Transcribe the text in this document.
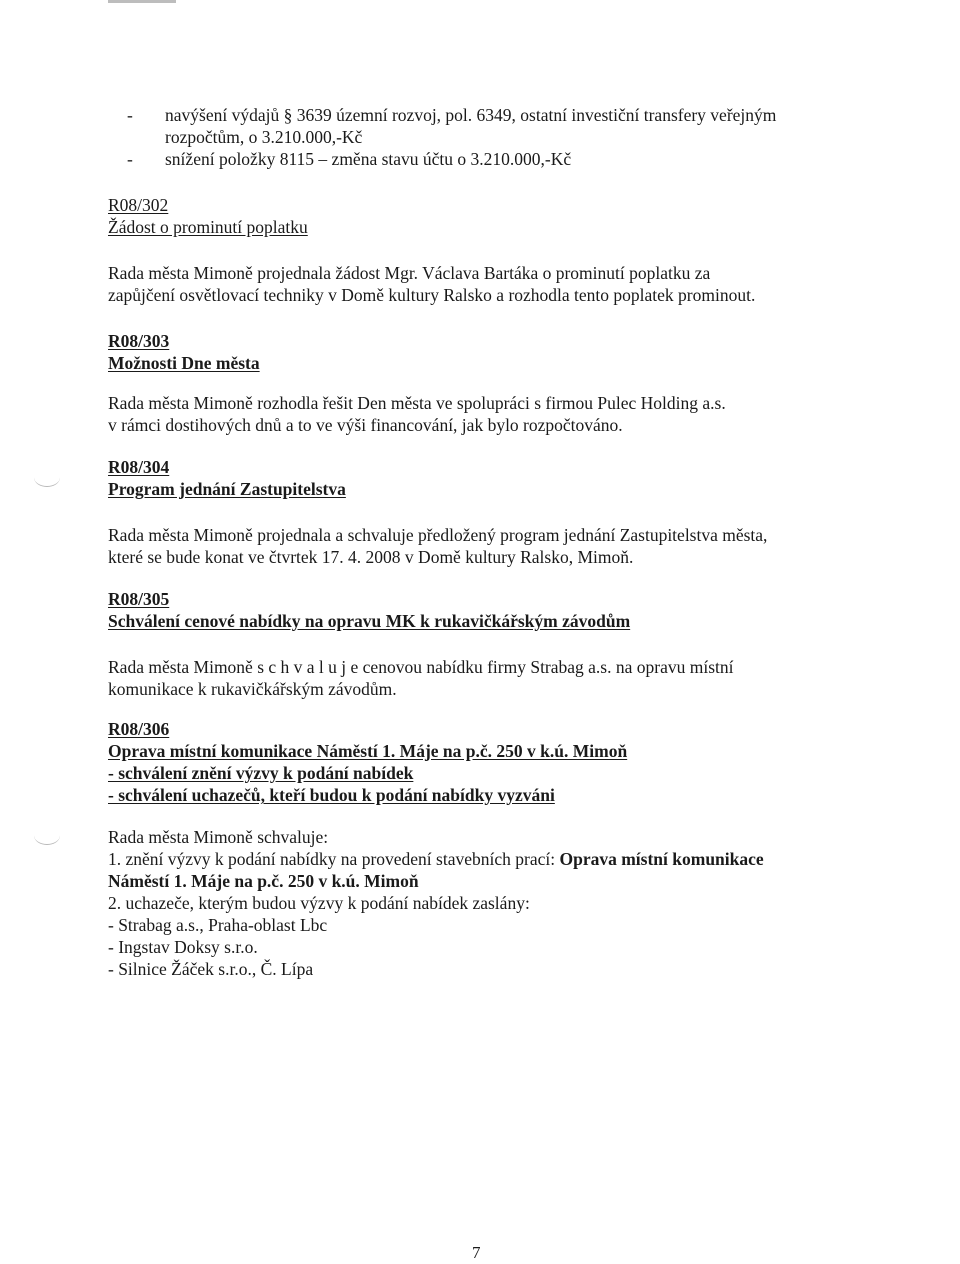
- navýšení výdajů § 3639 územní rozvoj, pol. 6349, ostatní investiční transfery veřejným
rozpočtům, o 3.210.000,-Kč
- snížení položky 8115 – změna stavu účtu o 3.210.000,-Kč
R08/302
Žádost o prominutí poplatku
Rada města Mimoně projednala žádost Mgr. Václava Bartáka o prominutí poplatku za
zapůjčení osvětlovací techniky v Domě kultury Ralsko a rozhodla tento poplatek prominout.
R08/303
Možnosti Dne města
Rada města Mimoně rozhodla řešit Den města ve spolupráci s firmou Pulec Holding a.s.
v rámci dostihových dnů a to ve výši financování, jak bylo rozpočtováno.
R08/304
Program jednání Zastupitelstva
Rada města Mimoně projednala a schvaluje předložený program jednání Zastupitelstva města,
které se bude konat ve čtvrtek 17. 4. 2008 v Domě kultury Ralsko, Mimoň.
R08/305
Schválení cenové nabídky na opravu MK k rukavičkářským závodům
Rada města Mimoně s c h v a l u j e cenovou nabídku firmy Strabag a.s. na opravu místní
komunikace k rukavičkářským závodům.
R08/306
Oprava místní komunikace Náměstí 1. Máje na p.č. 250 v k.ú. Mimoň
- schválení znění výzvy k podání nabídek
- schválení uchazečů, kteří budou k podání nabídky vyzváni
Rada města Mimoně schvaluje:
1. znění výzvy k podání nabídky na provedení stavebních prací: Oprava místní komunikace
Náměstí 1. Máje na p.č. 250 v k.ú. Mimoň
2. uchazeče, kterým budou výzvy k podání nabídek zaslány:
- Strabag a.s., Praha-oblast Lbc
- Ingstav Doksy s.r.o.
- Silnice Žáček s.r.o., Č. Lípa
7
